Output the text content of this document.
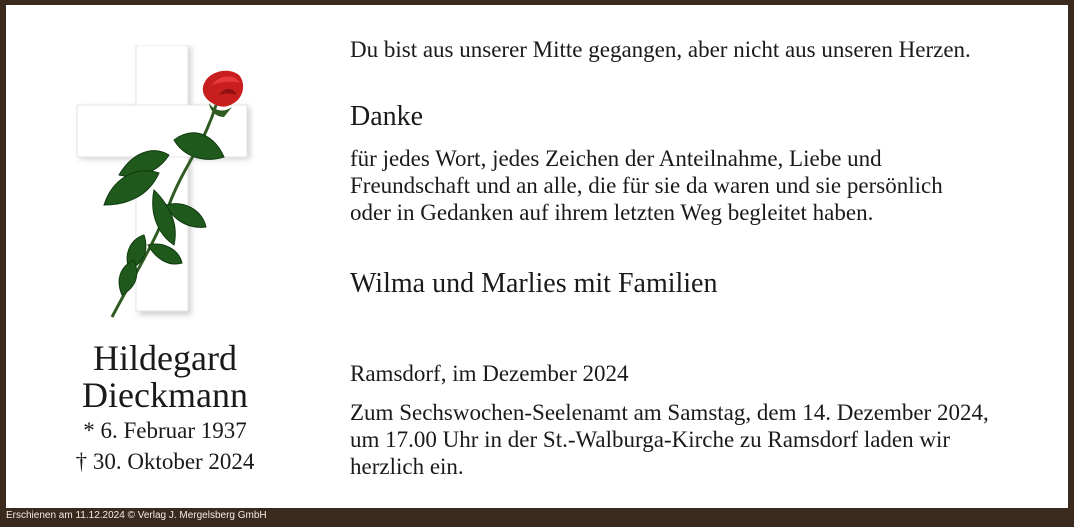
Hildegard
Dieckmann
* 6. Februar 1937
† 30. Oktober 2024
Du bist aus unserer Mitte gegangen, aber nicht aus unseren Herzen.
Danke
für jedes Wort, jedes Zeichen der Anteilnahme, Liebe und
Freundschaft und an alle, die für sie da waren und sie persönlich
oder in Gedanken auf ihrem letzten Weg begleitet haben.
Wilma und Marlies mit Familien
Ramsdorf, im Dezember 2024
Zum Sechswochen-Seelenamt am Samstag, dem 14. Dezember 2024,
um 17.00 Uhr in der St.-Walburga-Kirche zu Ramsdorf laden wir
herzlich ein.
Erschienen am 11.12.2024 © Verlag J. Mergelsberg GmbH
